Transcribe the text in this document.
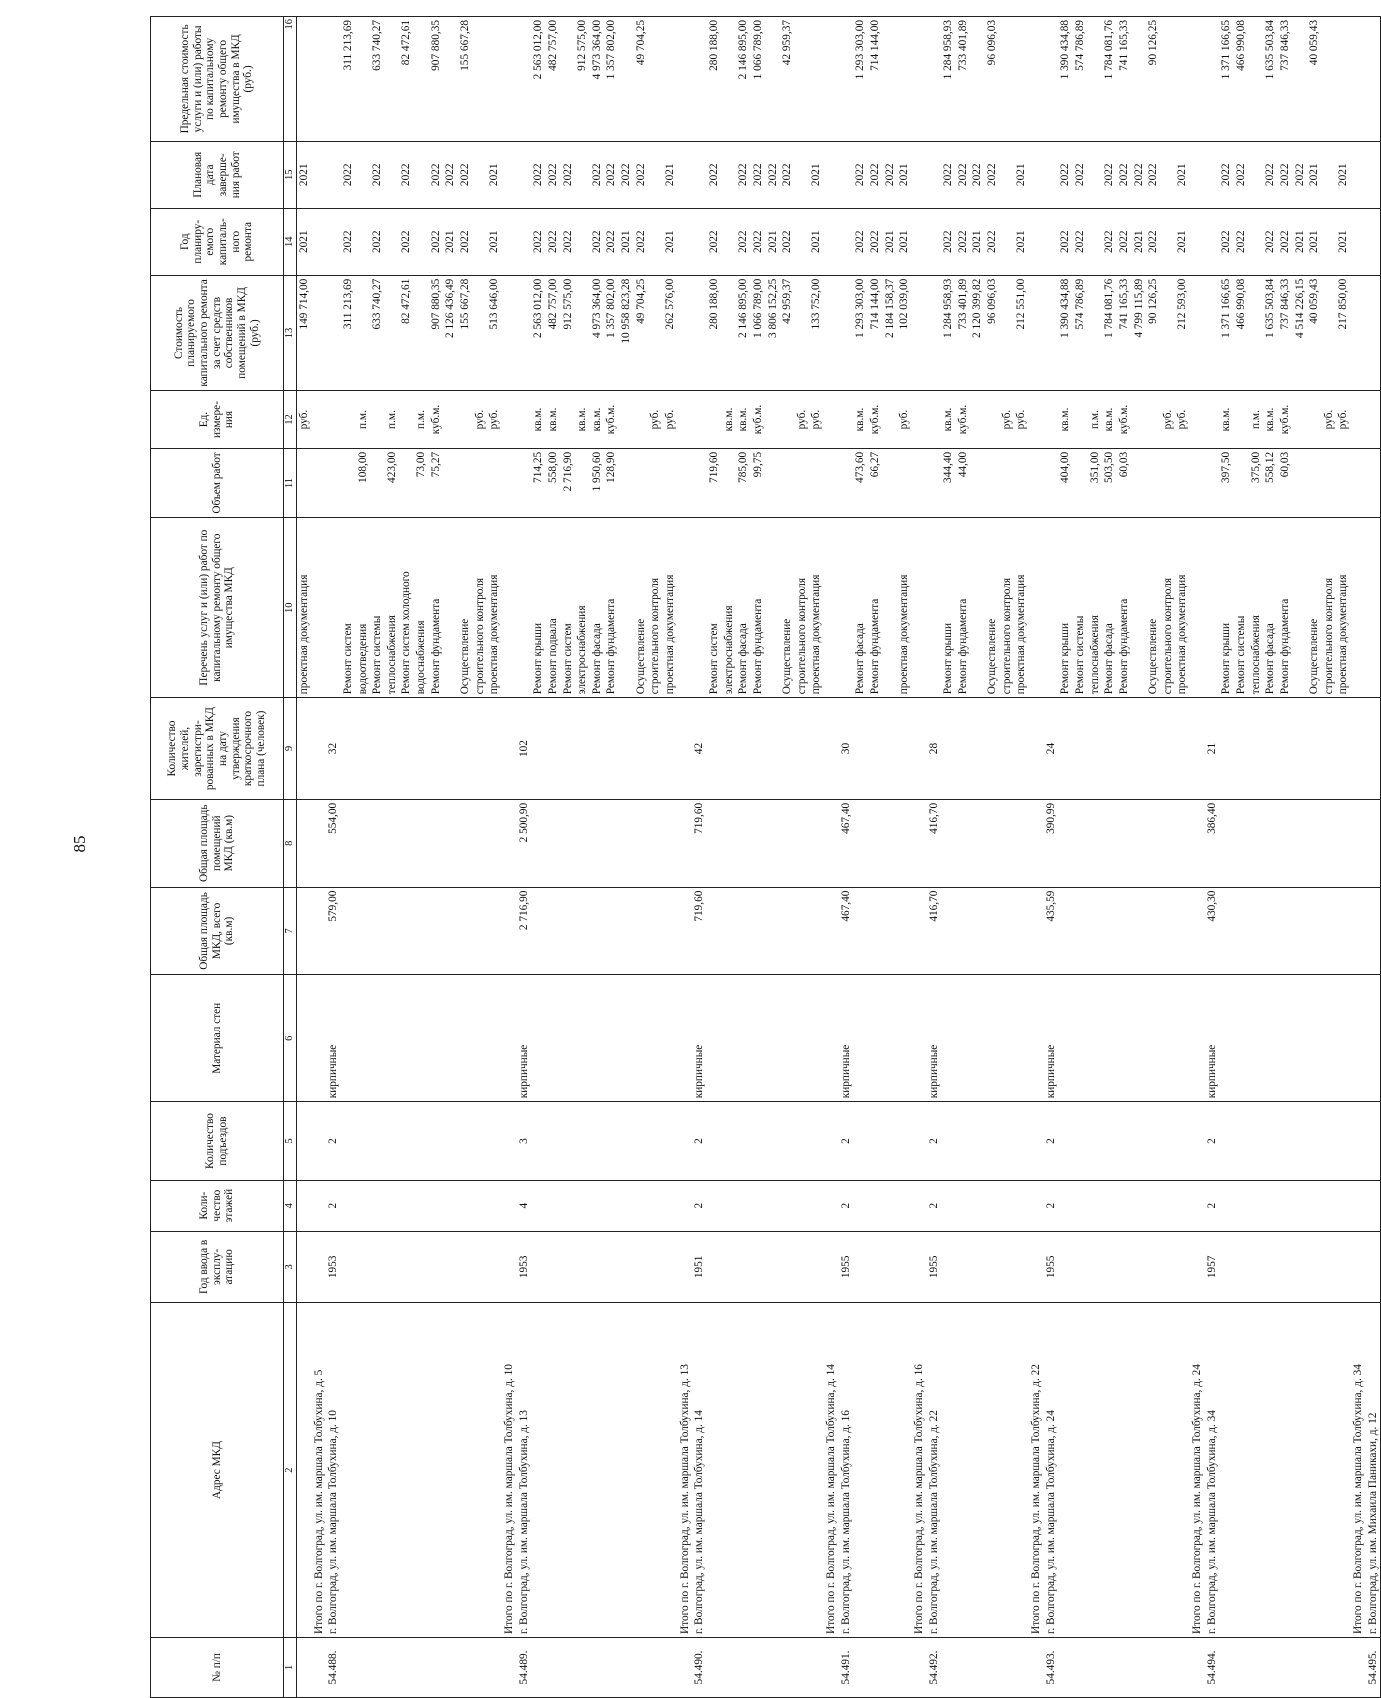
85
№ п/п	Адрес МКД	Год ввода в эксплу-атацию	Коли-чество этажей	Количество подъездов	Материал стен	Общая площадь МКД, всего (кв.м)	Общая площадь помещений МКД (кв.м)	Количество жителей, зарегистри-рованных в МКД на дату утверждения краткосрочного плана (человек)	Перечень услуг и (или) работ по капитальному ремонту общего имущества МКД	Объем работ	Ед. измере-ния	Стоимость планируемого капитального ремонта за счет средств собственников помещений в МКД (руб.)	Год планиру-емого капиталь-ного ремонта	Плановая дата заверше-ния работ	Предельная стоимость услуги и (или) работы по капитальному ремонту общего имущества в МКД (руб.)
1	2	3	4	5	6	7	8	9	10	11	12	13	14	15	16
									проектная документация		руб.	149 714,00	2021	2021	
	Итого по г. Волгоград, ул. им. маршала Толбухина, д. 5														
54.488.	г. Волгоград, ул. им. маршала Толбухина, д. 10	1953	2	2	кирпичные	579,00	554,00	32							
									Ремонт систем			311 213,69	2022	2022	311 213,69
									водоотведения	108,00	п.м.				
									Ремонт системы			633 740,27	2022	2022	633 740,27
									теплоснабжения	423,00	п.м.				
									Ремонт систем холодного			82 472,61	2022	2022	82 472,61
									водоснабжения	73,00	п.м.				
									Ремонт фундамента	75,27	куб.м.	907 880,35	2022	2022	907 880,35
												2 126 436,49	2021	2022	
									Осуществление			155 667,28	2022	2022	155 667,28
									строительного контроля		руб.				
									проектная документация		руб.	513 646,00	2021	2021	
	Итого по г. Волгоград, ул. им. маршала Толбухина, д. 10														
54.489.	г. Волгоград, ул. им. маршала Толбухина, д. 13	1953	4	3	кирпичные	2 716,90	2 500,90	102							
									Ремонт крыши	714,25	кв.м.	2 563 012,00	2022	2022	2 563 012,00
									Ремонт подвала	558,00	кв.м.	482 757,00	2022	2022	482 757,00
									Ремонт систем	2 716,90		912 575,00	2022	2022	
									электроснабжения		кв.м.				912 575,00
									Ремонт фасада	1 950,60	кв.м.	4 973 364,00	2022	2022	4 973 364,00
									Ремонт фундамента	128,90	куб.м.	1 357 802,00	2022	2022	1 357 802,00
												10 958 823,28	2021	2022	
									Осуществление			49 704,25	2022	2022	49 704,25
									строительного контроля		руб.				
									проектная документация		руб.	262 576,00	2021	2021	
	Итого по г. Волгоград, ул. им. маршала Толбухина, д. 13														
54.490.	г. Волгоград, ул. им. маршала Толбухина, д. 14	1951	2	2	кирпичные	719,60	719,60	42							
									Ремонт систем	719,60		280 188,00	2022	2022	280 188,00
									электроснабжения		кв.м.				
									Ремонт фасада	785,00	кв.м.	2 146 895,00	2022	2022	2 146 895,00
									Ремонт фундамента	99,75	куб.м.	1 066 789,00	2022	2022	1 066 789,00
												3 806 152,25	2021	2022	
									Осуществление			42 959,37	2022	2022	42 959,37
									строительного контроля		руб.				
									проектная документация		руб.	133 752,00	2021	2021	
	Итого по г. Волгоград, ул. им. маршала Толбухина, д. 14														
54.491.	г. Волгоград, ул. им. маршала Толбухина, д. 16	1955	2	2	кирпичные	467,40	467,40	30							
									Ремонт фасада	473,60	кв.м.	1 293 303,00	2022	2022	1 293 303,00
									Ремонт фундамента	66,27	куб.м.	714 144,00	2022	2022	714 144,00
												2 184 158,37	2021	2022	
									проектная документация		руб.	102 039,00	2021	2021	
	Итого по г. Волгоград, ул. им. маршала Толбухина, д. 16														
54.492.	г. Волгоград, ул. им. маршала Толбухина, д. 22	1955	2	2	кирпичные	416,70	416,70	28							
									Ремонт крыши	344,40	кв.м.	1 284 958,93	2022	2022	1 284 958,93
									Ремонт фундамента	44,00	куб.м.	733 401,89	2022	2022	733 401,89
												2 120 399,82	2021	2022	
									Осуществление			96 096,03	2022	2022	96 096,03
									строительного контроля		руб.				
									проектная документация		руб.	212 551,00	2021	2021	
	Итого по г. Волгоград, ул. им. маршала Толбухина, д. 22														
54.493.	г. Волгоград, ул. им. маршала Толбухина, д. 24	1955	2	2	кирпичные	435,59	390,99	24							
									Ремонт крыши	404,00	кв.м.	1 390 434,88	2022	2022	1 390 434,88
									Ремонт системы			574 786,89	2022	2022	574 786,89
									теплоснабжения	351,00	п.м.				
									Ремонт фасада	503,50	кв.м.	1 784 081,76	2022	2022	1 784 081,76
									Ремонт фундамента	60,03	куб.м.	741 165,33	2022	2022	741 165,33
												4 799 115,89	2021	2022	
									Осуществление			90 126,25	2022	2022	90 126,25
									строительного контроля		руб.				
									проектная документация		руб.	212 593,00	2021	2021	
	Итого по г. Волгоград, ул. им. маршала Толбухина, д. 24														
54.494.	г. Волгоград, ул. им. маршала Толбухина, д. 34	1957	2	2	кирпичные	430,30	386,40	21							
									Ремонт крыши	397,50	кв.м.	1 371 166,65	2022	2022	1 371 166,65
									Ремонт системы			466 990,08	2022	2022	466 990,08
									теплоснабжения	375,00	п.м.				
									Ремонт фасада	558,12	кв.м.	1 635 503,84	2022	2022	1 635 503,84
									Ремонт фундамента	60,03	куб.м.	737 846,33	2022	2022	737 846,33
												4 514 226,15	2021	2022	
									Осуществление			40 059,43	2021	2021	40 059,43
									строительного контроля		руб.				
									проектная документация		руб.	217 850,00	2021	2021	
	Итого по г. Волгоград, ул. им. маршала Толбухина, д. 34														
54.495.	г. Волгоград, ул. им. Михаила Паникахи, д. 12														
